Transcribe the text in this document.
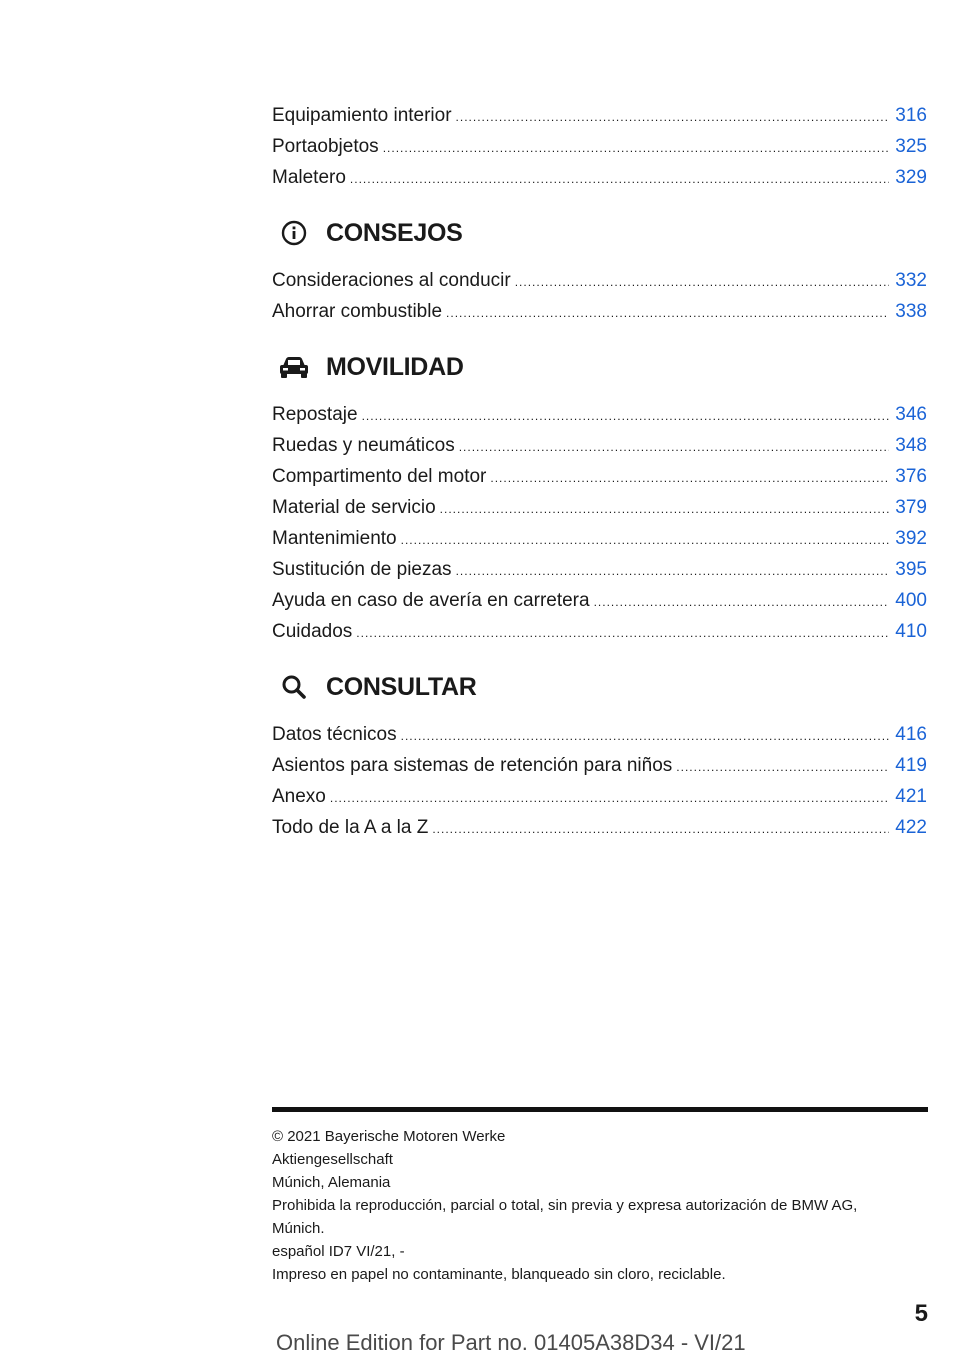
Equipamiento interior .....	316
Portaobjetos .....	325
Maletero .....	329
CONSEJOS
Consideraciones al conducir .....	332
Ahorrar combustible .....	338
MOVILIDAD
Repostaje .....	346
Ruedas y neumáticos .....	348
Compartimento del motor .....	376
Material de servicio .....	379
Mantenimiento .....	392
Sustitución de piezas .....	395
Ayuda en caso de avería en carretera .....	400
Cuidados .....	410
CONSULTAR
Datos técnicos .....	416
Asientos para sistemas de retención para niños .....	419
Anexo .....	421
Todo de la A a la Z .....	422
© 2021 Bayerische Motoren Werke
Aktiengesellschaft
Múnich, Alemania
Prohibida la reproducción, parcial o total, sin previa y expresa autorización de BMW AG,
Múnich.
español ID7 VI/21, -
Impreso en papel no contaminante, blanqueado sin cloro, reciclable.
5
Online Edition for Part no. 01405A38D34 - VI/21
